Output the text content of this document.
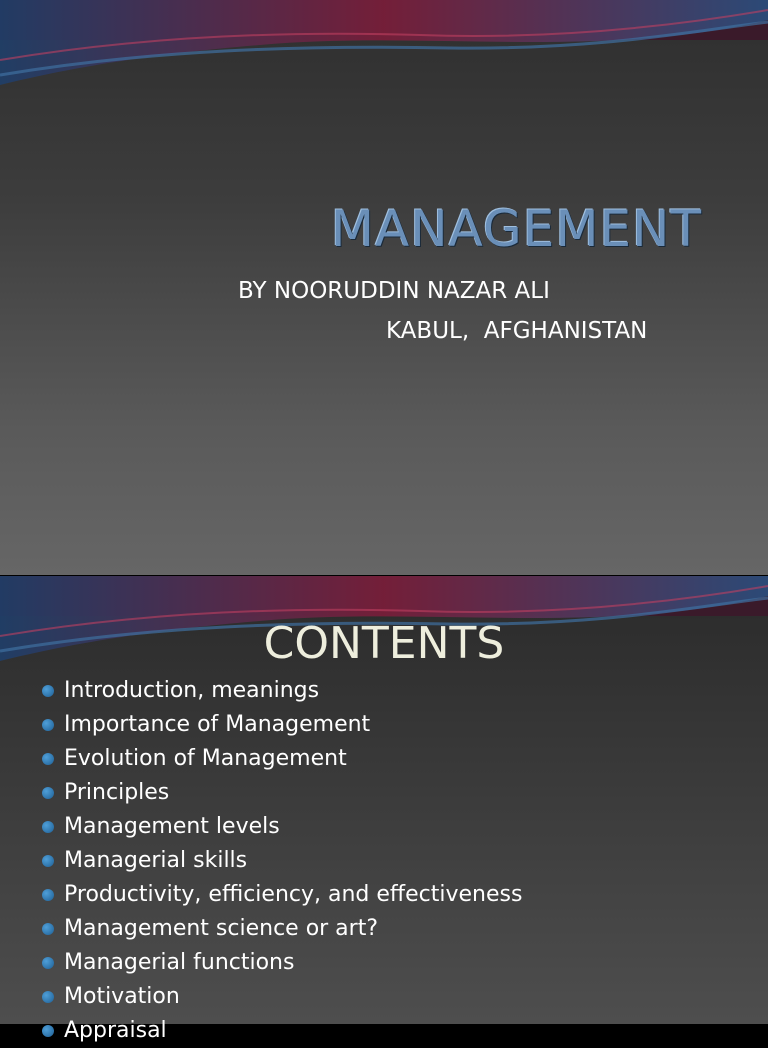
MANAGEMENT
BY NOORUDDIN NAZAR ALI
KABUL,  AFGHANISTAN
CONTENTS
Introduction, meanings
Importance of Management
Evolution of Management
Principles
Management levels
Managerial skills
Productivity, efficiency, and effectiveness
Management science or art?
Managerial functions
Motivation
Appraisal
